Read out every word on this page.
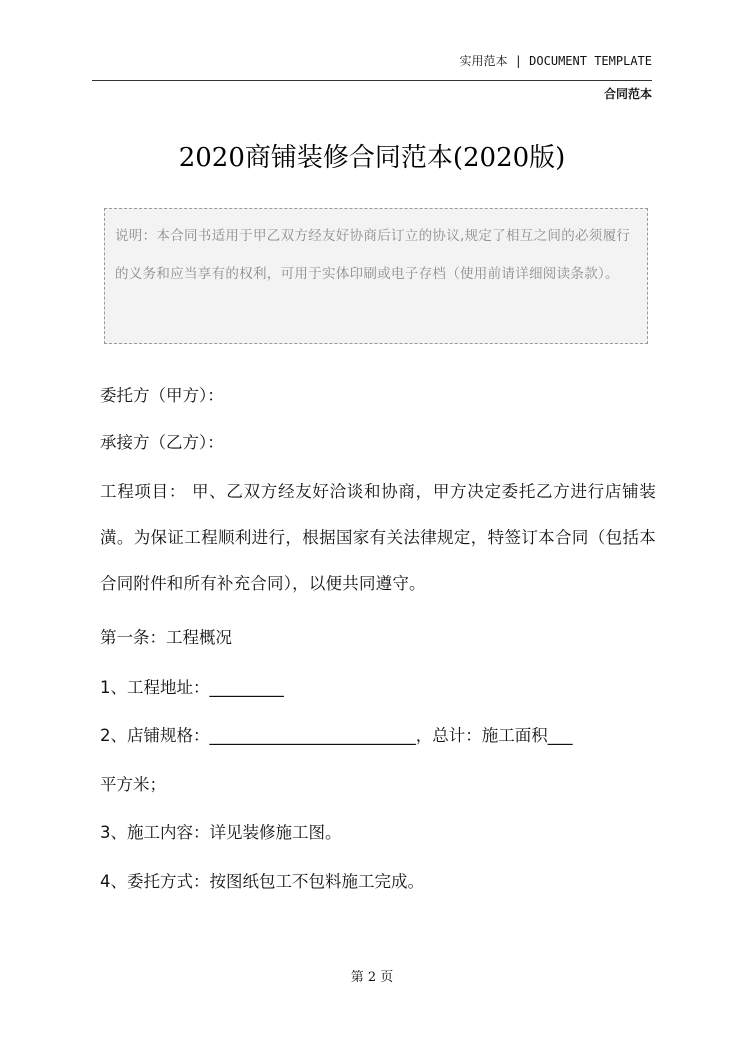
实用范本 | DOCUMENT TEMPLATE
合同范本
2020商铺装修合同范本(2020版)
说明：本合同书适用于甲乙双方经友好协商后订立的协议,规定了相互之间的必须履行的义务和应当享有的权利，可用于实体印刷或电子存档（使用前请详细阅读条款）。
委托方（甲方）：
承接方（乙方）：
工程项目： 甲、乙双方经友好洽谈和协商，甲方决定委托乙方进行店铺装潢。为保证工程顺利进行，根据国家有关法律规定，特签订本合同（包括本合同附件和所有补充合同），以便共同遵守。
第一条：工程概况
1、工程地址：_________
2、店铺规格：_________________________，总计：施工面积___
平方米；
3、施工内容：详见装修施工图。
4、委托方式：按图纸包工不包料施工完成。
第 2 页
